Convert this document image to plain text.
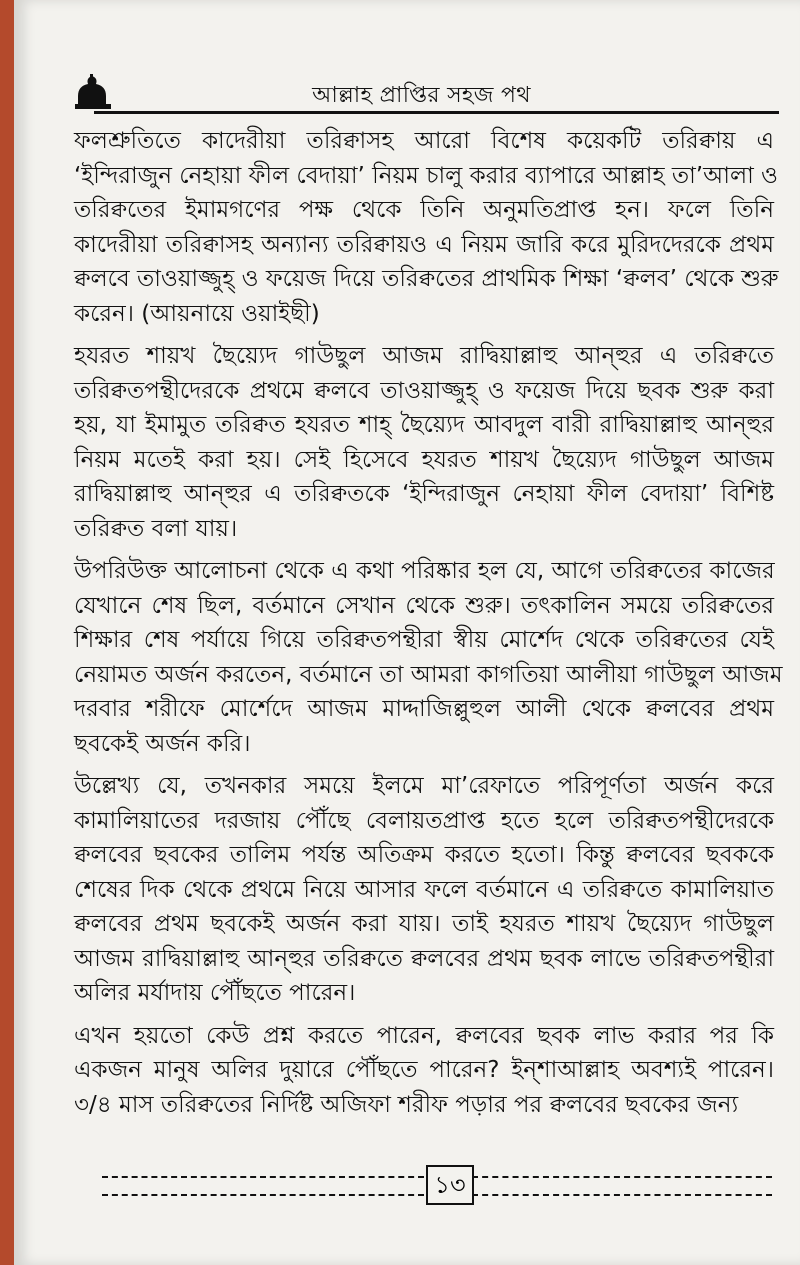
আল্লাহ প্রাপ্তির সহজ পথ

ফলশ্রুতিতে কাদেরীয়া তরিক্বাসহ আরো বিশেষ কয়েকটি তরিক্বায় এ
‘ইন্দিরাজুন নেহায়া ফীল বেদায়া’ নিয়ম চালু করার ব্যাপারে আল্লাহ তা’আলা ও
তরিক্বতের ইমামগণের পক্ষ থেকে তিনি অনুমতিপ্রাপ্ত হন। ফলে তিনি
কাদেরীয়া তরিক্বাসহ অন্যান্য তরিক্বায়ও এ নিয়ম জারি করে মুরিদদেরকে প্রথম
ক্বলবে তাওয়াজ্জুহ্ ও ফয়েজ দিয়ে তরিক্বতের প্রাথমিক শিক্ষা ‘ক্বলব’ থেকে শুরু
করেন। (আয়নায়ে ওয়াইছী)

হযরত শায়খ ছৈয়্যেদ গাউছুল আজম রাদ্বিয়াল্লাহু আন্হুর এ তরিক্বতে
তরিক্বতপন্থীদেরকে প্রথমে ক্বলবে তাওয়াজ্জুহ্ ও ফয়েজ দিয়ে ছবক শুরু করা
হয়, যা ইমামুত তরিক্বত হযরত শাহ্ ছৈয়্যেদ আবদুল বারী রাদ্বিয়াল্লাহু আন্হুর
নিয়ম মতেই করা হয়। সেই হিসেবে হযরত শায়খ ছৈয়্যেদ গাউছুল আজম
রাদ্বিয়াল্লাহু আন্হুর এ তরিক্বতকে ‘ইন্দিরাজুন নেহায়া ফীল বেদায়া’ বিশিষ্ট
তরিক্বত বলা যায়।

উপরিউক্ত আলোচনা থেকে এ কথা পরিষ্কার হল যে, আগে তরিক্বতের কাজের
যেখানে শেষ ছিল, বর্তমানে সেখান থেকে শুরু। তৎকালিন সময়ে তরিক্বতের
শিক্ষার শেষ পর্যায়ে গিয়ে তরিক্বতপন্থীরা স্বীয় মোর্শেদ থেকে তরিক্বতের যেই
নেয়ামত অর্জন করতেন, বর্তমানে তা আমরা কাগতিয়া আলীয়া গাউছুল আজম
দরবার শরীফে মোর্শেদে আজম মাদ্দাজিল্লুহুল আলী থেকে ক্বলবের প্রথম
ছবকেই অর্জন করি।

উল্লেখ্য যে, তখনকার সময়ে ইলমে মা’রেফাতে পরিপূর্ণতা অর্জন করে
কামালিয়াতের দরজায় পৌঁছে বেলায়তপ্রাপ্ত হতে হলে তরিক্বতপন্থীদেরকে
ক্বলবের ছবকের তালিম পর্যন্ত অতিক্রম করতে হতো। কিন্তু ক্বলবের ছবককে
শেষের দিক থেকে প্রথমে নিয়ে আসার ফলে বর্তমানে এ তরিক্বতে কামালিয়াত
ক্বলবের প্রথম ছবকেই অর্জন করা যায়। তাই হযরত শায়খ ছৈয়্যেদ গাউছুল
আজম রাদ্বিয়াল্লাহু আন্হুর তরিক্বতে ক্বলবের প্রথম ছবক লাভে তরিক্বতপন্থীরা
অলির মর্যাদায় পৌঁছতে পারেন।

এখন হয়তো কেউ প্রশ্ন করতে পারেন, ক্বলবের ছবক লাভ করার পর কি
একজন মানুষ অলির দুয়ারে পৌঁছতে পারেন? ইন্শাআল্লাহ অবশ্যই পারেন।
৩/৪ মাস তরিক্বতের নির্দিষ্ট অজিফা শরীফ পড়ার পর ক্বলবের ছবকের জন্য

১৩
